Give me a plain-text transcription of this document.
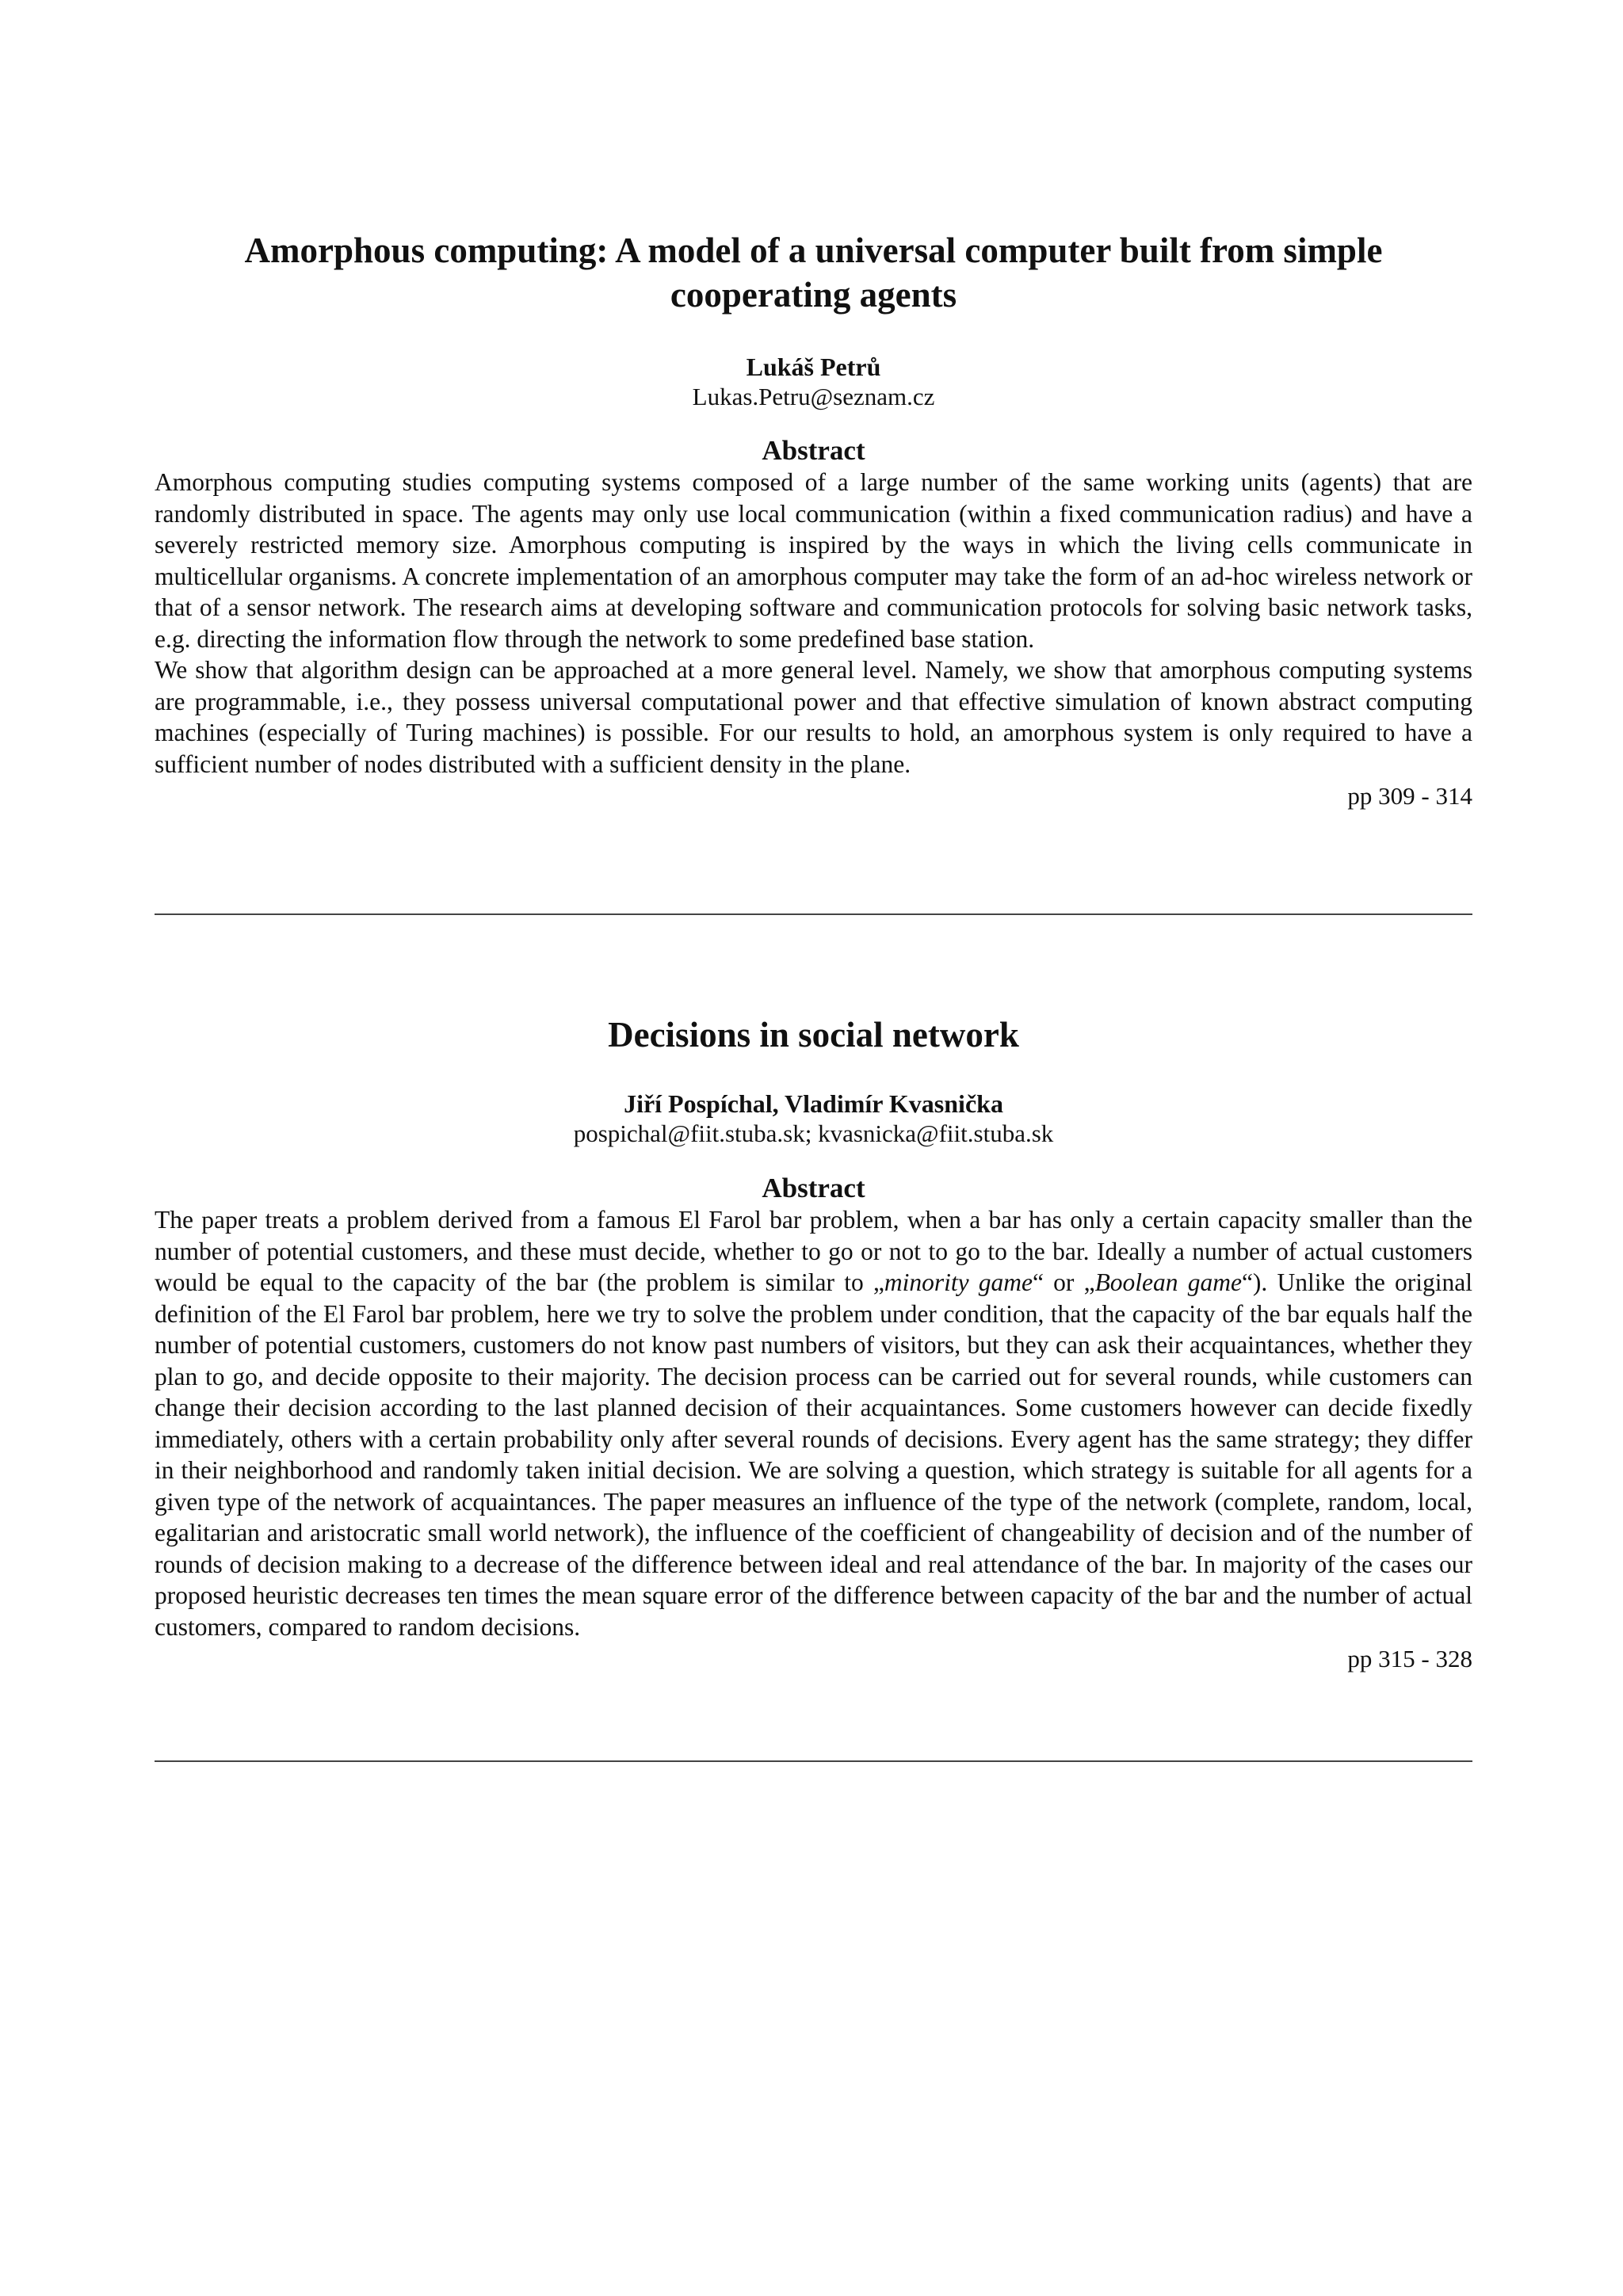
Amorphous computing: A model of a universal computer built from simple cooperating agents
Lukáš Petrů
Lukas.Petru@seznam.cz
Abstract

Amorphous computing studies computing systems composed of a large number of the same working units (agents) that are randomly distributed in space. The agents may only use local communication (within a fixed communication radius) and have a severely restricted memory size. Amorphous computing is inspired by the ways in which the living cells communicate in multicellular organisms. A concrete implementation of an amorphous computer may take the form of an ad-hoc wireless network or that of a sensor network. The research aims at developing software and communication protocols for solving basic network tasks, e.g. directing the information flow through the network to some predefined base station.

We show that algorithm design can be approached at a more general level. Namely, we show that amorphous computing systems are programmable, i.e., they possess universal computational power and that effective simulation of known abstract computing machines (especially of Turing machines) is possible. For our results to hold, an amorphous system is only required to have a sufficient number of nodes distributed with a sufficient density in the plane.

pp 309 - 314
Decisions in social network
Jiří Pospíchal, Vladimír Kvasnička
pospichal@fiit.stuba.sk; kvasnicka@fiit.stuba.sk
Abstract

The paper treats a problem derived from a famous El Farol bar problem, when a bar has only a certain capacity smaller than the number of potential customers, and these must decide, whether to go or not to go to the bar. Ideally a number of actual customers would be equal to the capacity of the bar (the problem is similar to „minority game“ or „Boolean game“). Unlike the original definition of the El Farol bar problem, here we try to solve the problem under condition, that the capacity of the bar equals half the number of potential customers, customers do not know past numbers of visitors, but they can ask their acquaintances, whether they plan to go, and decide opposite to their majority. The decision process can be carried out for several rounds, while customers can change their decision according to the last planned decision of their acquaintances. Some customers however can decide fixedly immediately, others with a certain probability only after several rounds of decisions. Every agent has the same strategy; they differ in their neighborhood and randomly taken initial decision. We are solving a question, which strategy is suitable for all agents for a given type of the network of acquaintances. The paper measures an influence of the type of the network (complete, random, local, egalitarian and aristocratic small world network), the influence of the coefficient of changeability of decision and of the number of rounds of decision making to a decrease of the difference between ideal and real attendance of the bar. In majority of the cases our proposed heuristic decreases ten times the mean square error of the difference between capacity of the bar and the number of actual customers, compared to random decisions.

pp 315 - 328
